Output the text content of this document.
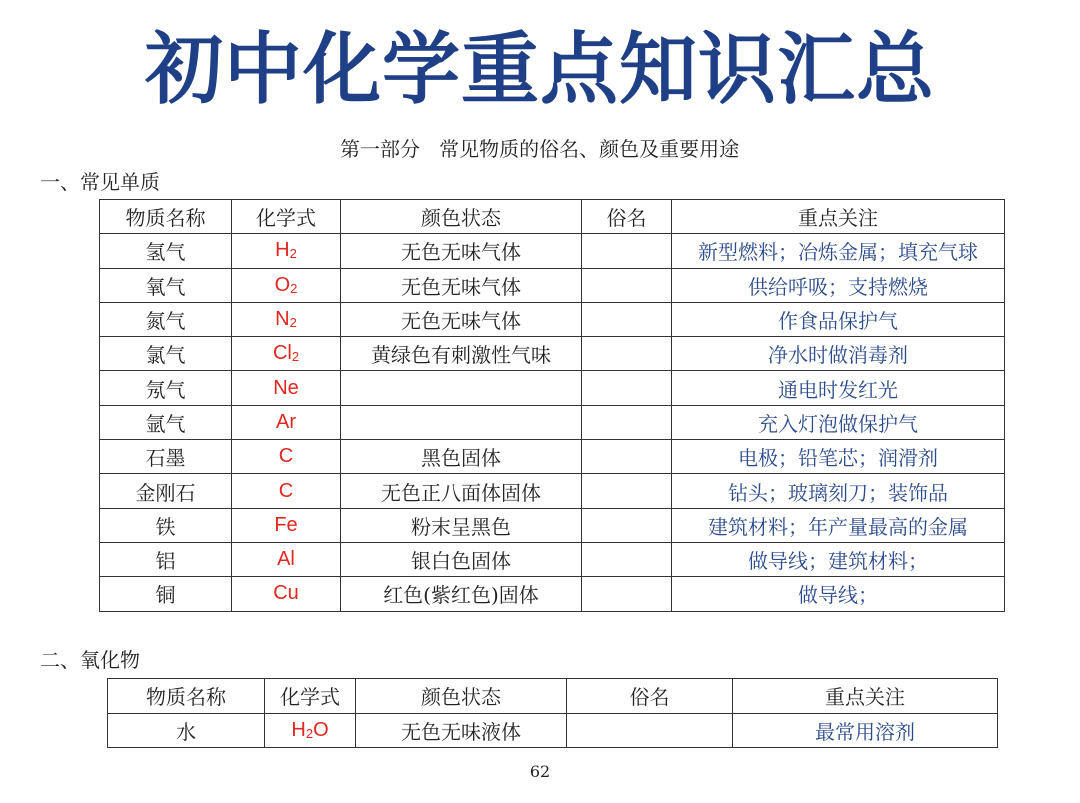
初中化学重点知识汇总
第一部分   常见物质的俗名、颜色及重要用途
一、常见单质
物质名称	化学式	颜色状态	俗名	重点关注
氢气	$H_2$	无色无味气体		新型燃料；冶炼金属；填充气球
氧气	$O_2$	无色无味气体		供给呼吸；支持燃烧
氮气	$N_2$	无色无味气体		作食品保护气
氯气	$Cl_2$	黄绿色有刺激性气味		净水时做消毒剂
氖气	Ne			通电时发红光
氩气	Ar			充入灯泡做保护气
石墨	C	黑色固体		电极；铅笔芯；润滑剂
金刚石	C	无色正八面体固体		钻头；玻璃刻刀；装饰品
铁	Fe	粉末呈黑色		建筑材料；年产量最高的金属
铝	Al	银白色固体		做导线；建筑材料；
铜	Cu	红色(紫红色)固体		做导线；
二、氧化物
物质名称	化学式	颜色状态	俗名	重点关注
水	$H_2O$	无色无味液体		最常用溶剂
62
